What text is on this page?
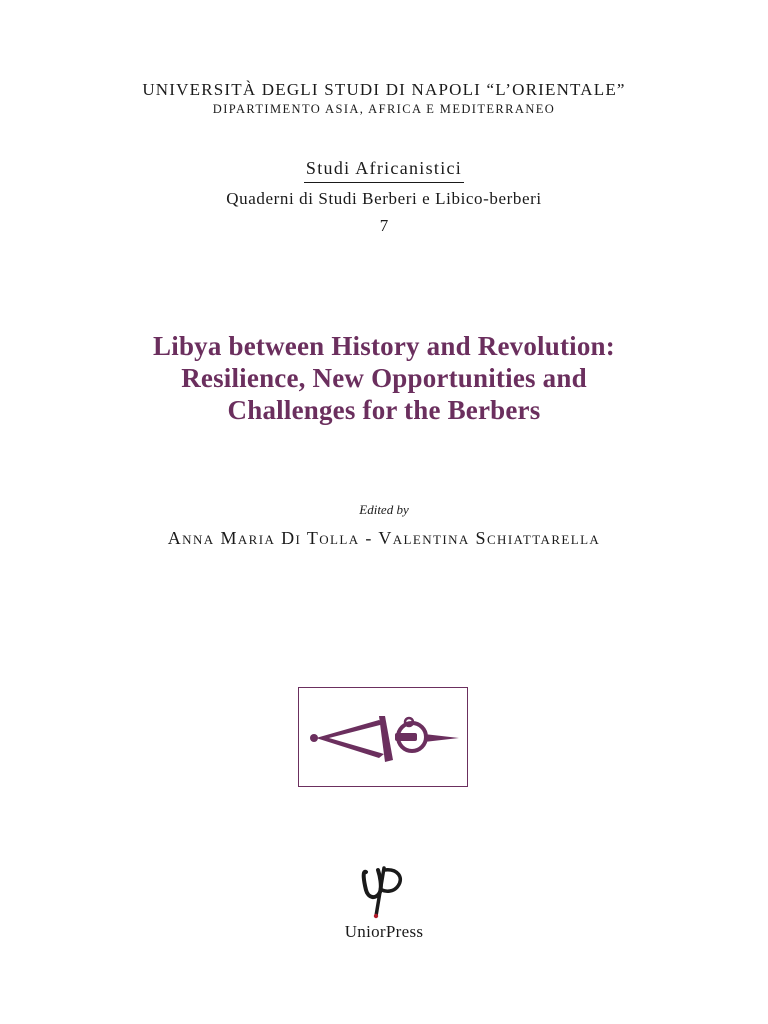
UNIVERSITÀ DEGLI STUDI DI NAPOLI “L’ORIENTALE”
DIPARTIMENTO ASIA, AFRICA E MEDITERRANEO
Studi Africanistici
Quaderni di Studi Berberi e Libico-berberi
7
Libya between History and Revolution:
Resilience, New Opportunities and
Challenges for the Berbers
Edited by
Anna Maria Di Tolla - Valentina Schiattarella
UniorPress
